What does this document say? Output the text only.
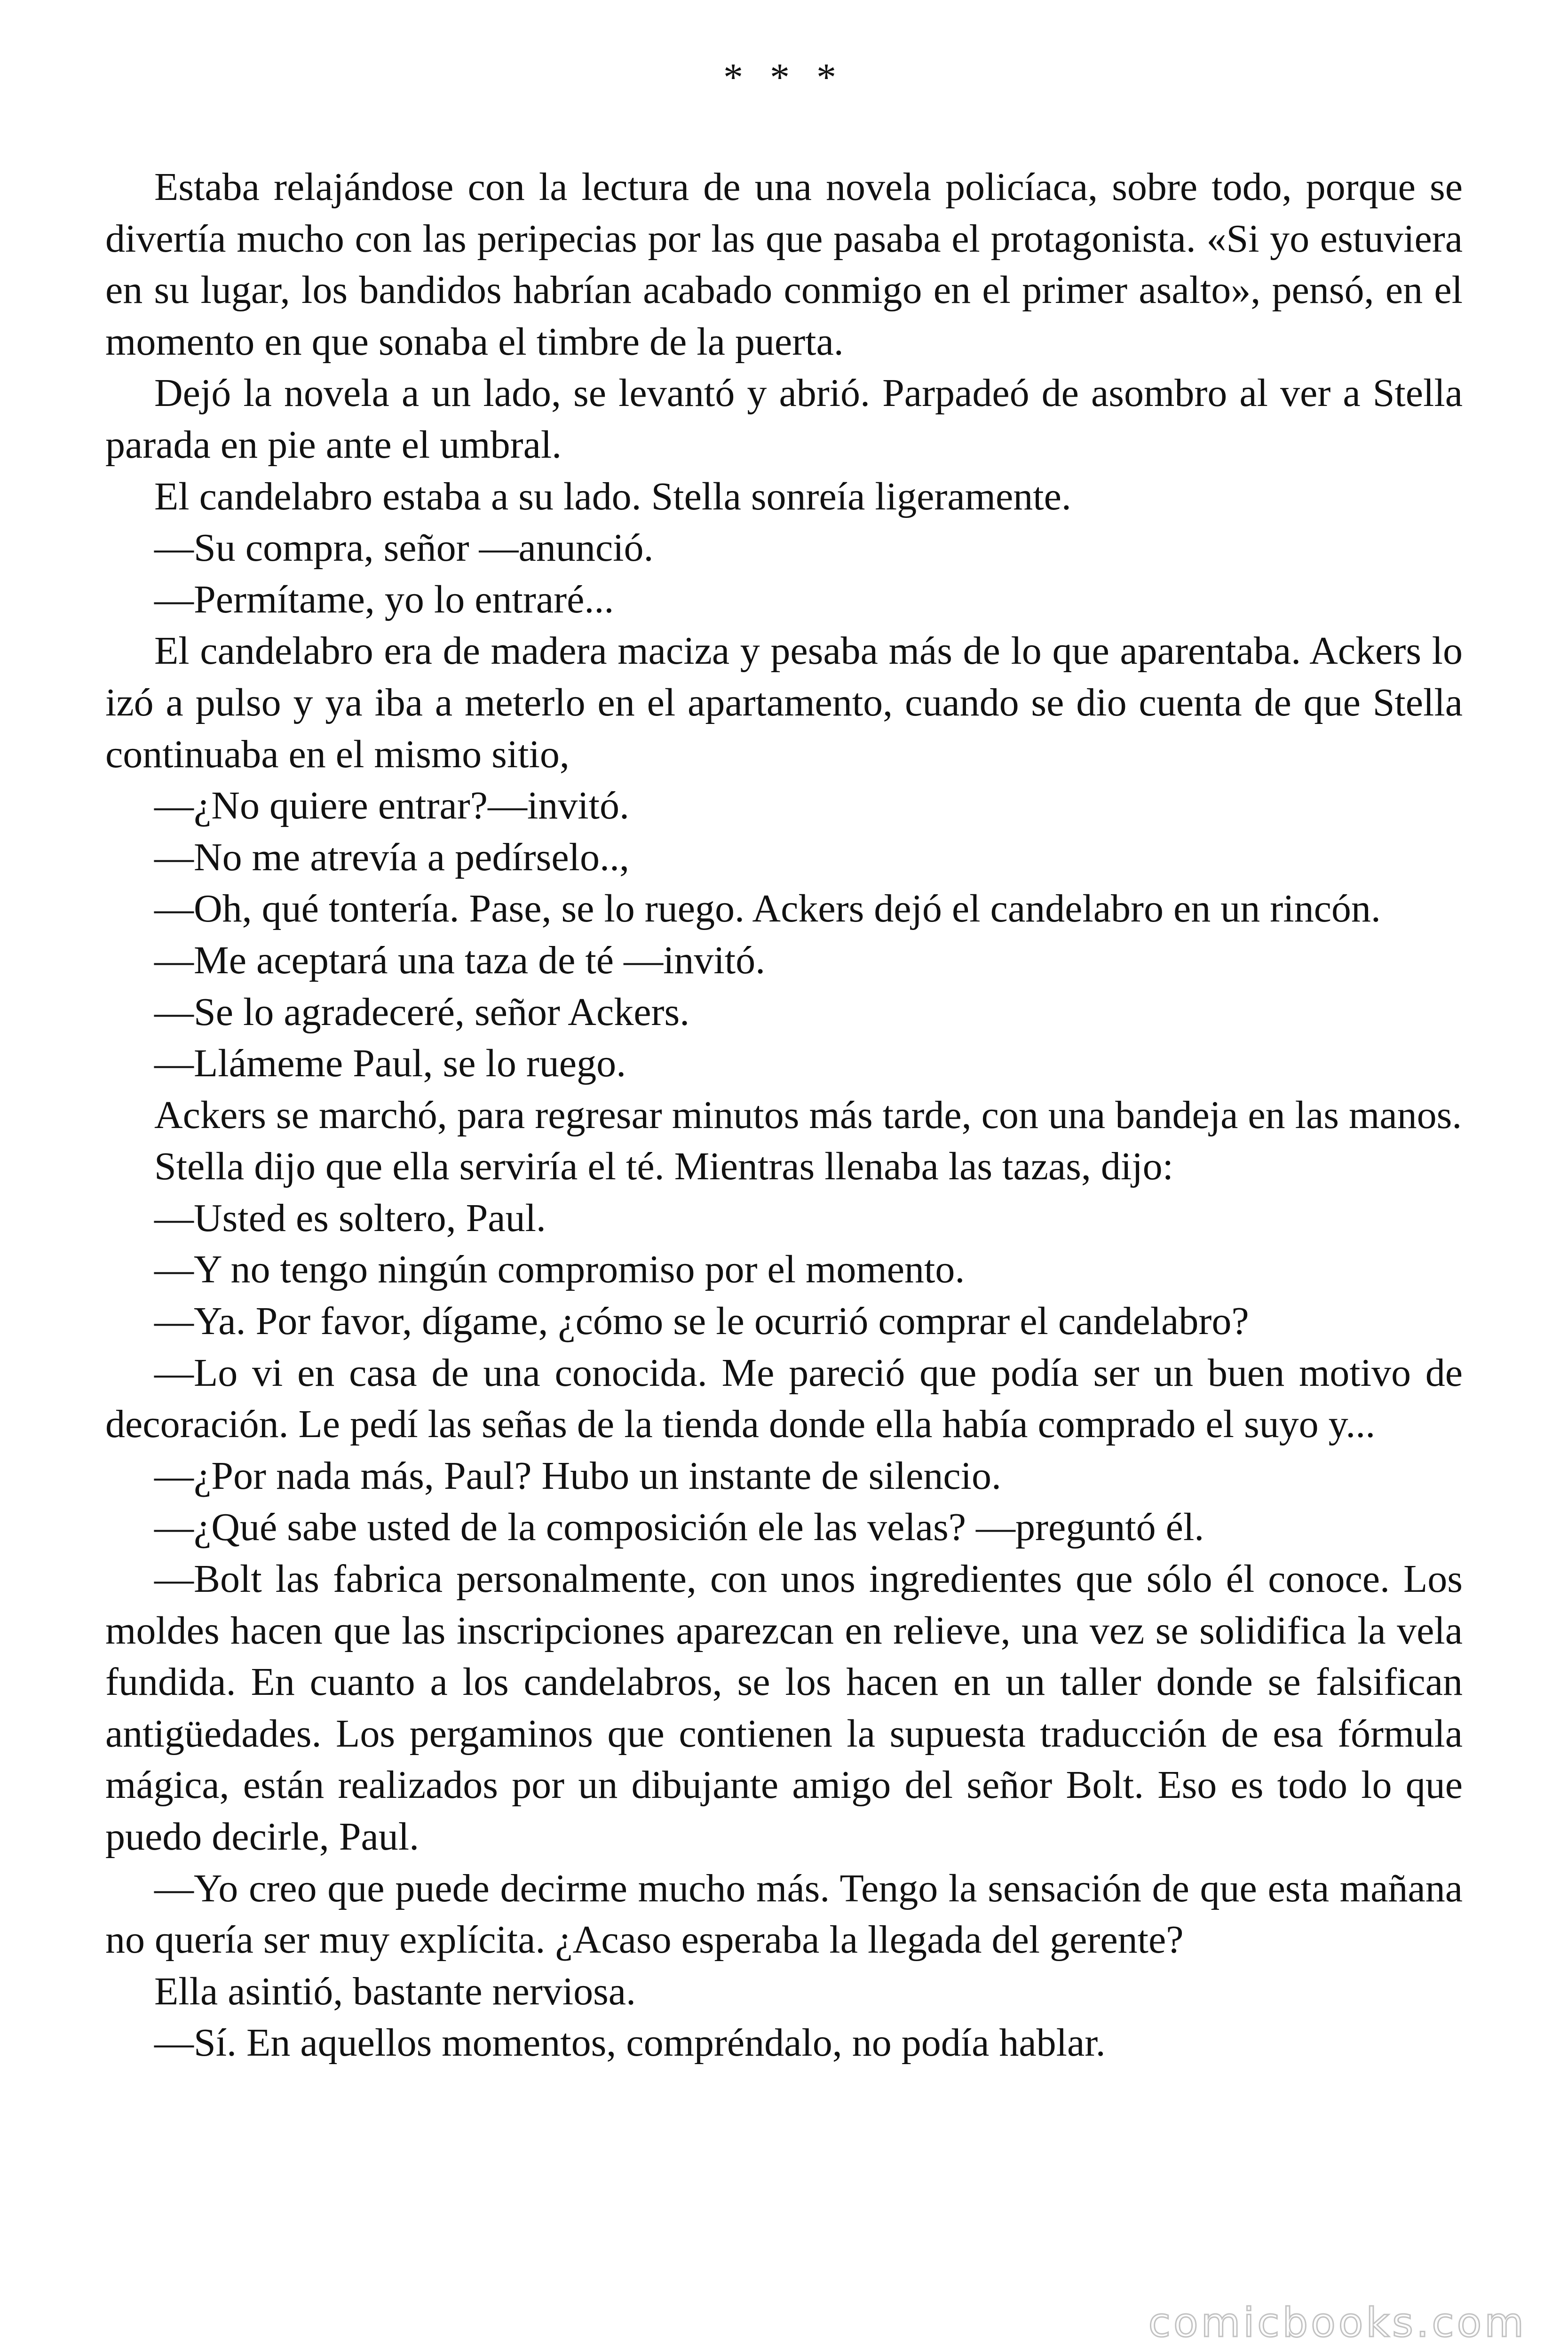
* * *

Estaba relajándose con la lectura de una novela policíaca, sobre todo, porque se divertía mucho con las peripecias por las que pasaba el protagonista. «Si yo estuviera en su lugar, los bandidos habrían acabado conmigo en el primer asalto», pensó, en el momento en que sonaba el timbre de la puerta.

Dejó la novela a un lado, se levantó y abrió. Parpadeó de asombro al ver a Stella parada en pie ante el umbral.

El candelabro estaba a su lado. Stella sonreía ligeramente.

—Su compra, señor —anunció.

—Permítame, yo lo entraré...

El candelabro era de madera maciza y pesaba más de lo que aparentaba. Ackers lo izó a pulso y ya iba a meterlo en el apartamento, cuando se dio cuenta de que Stella continuaba en el mismo sitio,

—¿No quiere entrar?—invitó.

—No me atrevía a pedírselo..,

—Oh, qué tontería. Pase, se lo ruego. Ackers dejó el candelabro en un rincón.

—Me aceptará una taza de té —invitó.

—Se lo agradeceré, señor Ackers.

—Llámeme Paul, se lo ruego.

Ackers se marchó, para regresar minutos más tarde, con una bandeja en las manos.

Stella dijo que ella serviría el té. Mientras llenaba las tazas, dijo:

—Usted es soltero, Paul.

—Y no tengo ningún compromiso por el momento.

—Ya. Por favor, dígame, ¿cómo se le ocurrió comprar el candelabro?

—Lo vi en casa de una conocida. Me pareció que podía ser un buen motivo de decoración. Le pedí las señas de la tienda donde ella había comprado el suyo y...

—¿Por nada más, Paul? Hubo un instante de silencio.

—¿Qué sabe usted de la composición ele las velas? —preguntó él.

—Bolt las fabrica personalmente, con unos ingredientes que sólo él conoce. Los moldes hacen que las inscripciones aparezcan en relieve, una vez se solidifica la vela fundida. En cuanto a los candelabros, se los hacen en un taller donde se falsifican antigüedades. Los pergaminos que contienen la supuesta traducción de esa fórmula mágica, están realizados por un dibujante amigo del señor Bolt. Eso es todo lo que puedo decirle, Paul.

—Yo creo que puede decirme mucho más. Tengo la sensación de que esta mañana no quería ser muy explícita. ¿Acaso esperaba la llegada del gerente?

Ella asintió, bastante nerviosa.

—Sí. En aquellos momentos, compréndalo, no podía hablar.

comicbooks.com
